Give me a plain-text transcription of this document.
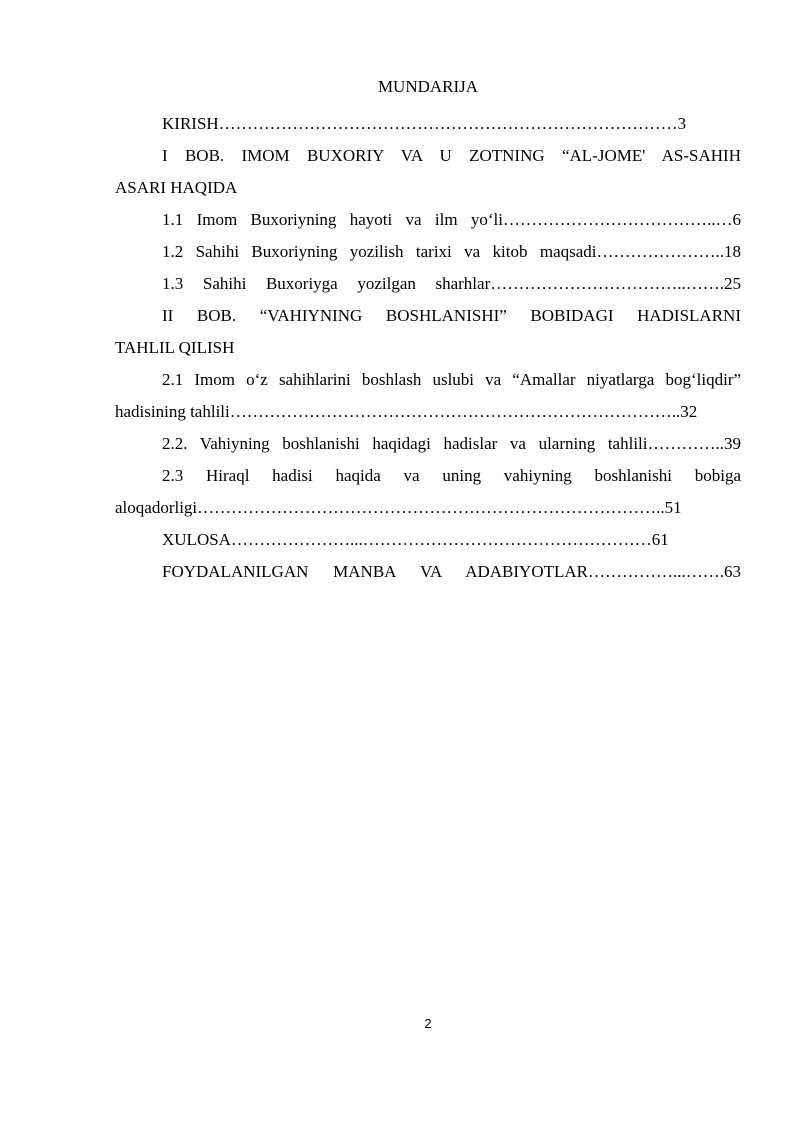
MUNDARIJA
KIRISH………………………………………………………………………3
I BOB. IMOM BUXORIY VA U ZOTNING “AL-JOME' AS-SAHIH
ASARI HAQIDA
1.1 Imom Buxoriyning hayoti va ilm yo‘li………………………………..…6
1.2 Sahihi Buxoriyning yozilish tarixi va kitob maqsadi…………………..18
1.3 Sahihi Buxoriyga yozilgan sharhlar……………………………..…….25
II BOB. “VAHIYNING BOSHLANISHI” BOBIDAGI HADISLARNI
TAHLIL QILISH
2.1 Imom o‘z sahihlarini boshlash uslubi va “Amallar niyatlarga bog‘liqdir”
hadisining tahlili……………………………………………………………………..32
2.2. Vahiyning boshlanishi haqidagi hadislar va ularning tahlili…………..39
2.3 Hiraql hadisi haqida va uning vahiyning boshlanishi bobiga
aloqadorligi………………………………………………………………………..51
XULOSA…………………...……………………………………………61
FOYDALANILGAN MANBA VA ADABIYOTLAR……………...…….63
2
